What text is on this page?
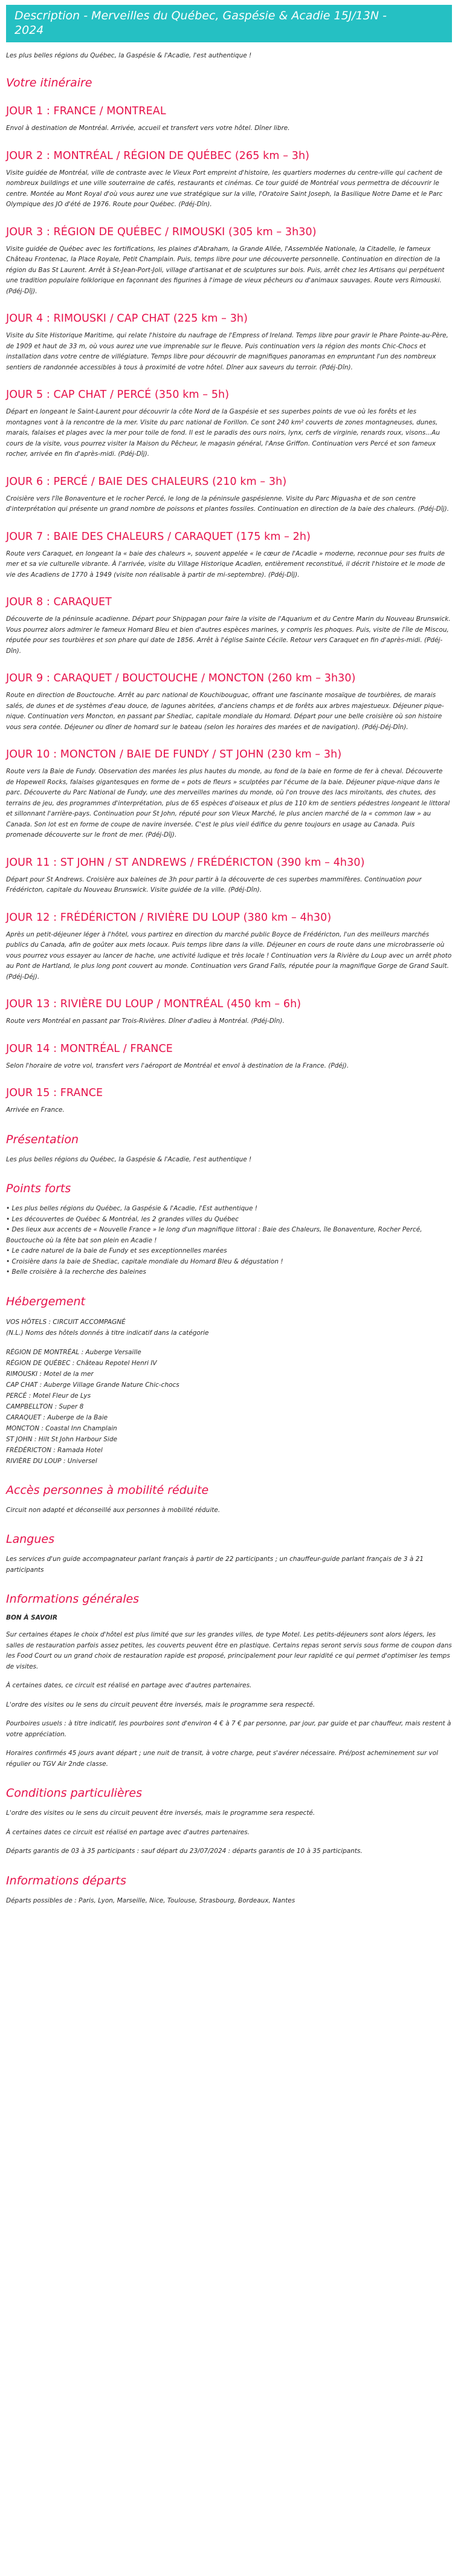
Description - Merveilles du Québec, Gaspésie & Acadie 15J/13N -
2024

Les plus belles régions du Québec, la Gaspésie & l'Acadie, l'est authentique !

Votre itinéraire
JOUR 1 : FRANCE / MONTREAL

Envol à destination de Montréal. Arrivée, accueil et transfert vers votre hôtel. Dîner libre.

JOUR 2 : MONTRÉAL / RÉGION DE QUÉBEC (265 km – 3h)

Visite guidée de Montréal, ville de contraste avec le Vieux Port empreint d'histoire, les quartiers modernes du centre-ville qui cachent de nombreux buildings et une ville souterraine de cafés, restaurants et cinémas. Ce tour guidé de Montréal vous permettra de découvrir le centre. Montée au Mont Royal d'où vous aurez une vue stratégique sur la ville, l'Oratoire Saint Joseph, la Basilique Notre Dame et le Parc Olympique des JO d'été de 1976. Route pour Québec. (Pdéj-Dîn).

JOUR 3 : RÉGION DE QUÉBEC / RIMOUSKI (305 km – 3h30)

Visite guidée de Québec avec les fortifications, les plaines d'Abraham, la Grande Allée, l'Assemblée Nationale, la Citadelle, le fameux Château Frontenac, la Place Royale, Petit Champlain. Puis, temps libre pour une découverte personnelle. Continuation en direction de la région du Bas St Laurent. Arrêt à St-Jean-Port-Joli, village d'artisanat et de sculptures sur bois. Puis, arrêt chez les Artisans qui perpétuent une tradition populaire folklorique en façonnant des figurines à l'image de vieux pêcheurs ou d'animaux sauvages. Route vers Rimouski. (Pdéj-Dîj).

JOUR 4 : RIMOUSKI / CAP CHAT (225 km – 3h)

Visite du Site Historique Maritime, qui relate l'histoire du naufrage de l'Empress of Ireland. Temps libre pour gravir le Phare Pointe-au-Père, de 1909 et haut de 33 m, où vous aurez une vue imprenable sur le fleuve. Puis continuation vers la région des monts Chic-Chocs et installation dans votre centre de villégiature. Temps libre pour découvrir de magnifiques panoramas en empruntant l'un des nombreux sentiers de randonnée accessibles à tous à proximité de votre hôtel. Dîner aux saveurs du terroir. (Pdéj-Dîn).

JOUR 5 : CAP CHAT / PERCÉ (350 km – 5h)

Départ en longeant le Saint-Laurent pour découvrir la côte Nord de la Gaspésie et ses superbes points de vue où les forêts et les montagnes vont à la rencontre de la mer. Visite du parc national de Forillon. Ce sont 240 km² couverts de zones montagneuses, dunes, marais, falaises et plages avec la mer pour toile de fond. Il est le paradis des ours noirs, lynx, cerfs de virginie, renards roux, visons...Au cours de la visite, vous pourrez visiter la Maison du Pêcheur, le magasin général, l'Anse Griffon. Continuation vers Percé et son fameux rocher, arrivée en fin d'après-midi. (Pdéj-Dîj).

JOUR 6 : PERCÉ / BAIE DES CHALEURS (210 km – 3h)

Croisière vers l'île Bonaventure et le rocher Percé, le long de la péninsule gaspésienne. Visite du Parc Miguasha et de son centre d'interprétation qui présente un grand nombre de poissons et plantes fossiles. Continuation en direction de la baie des chaleurs. (Pdéj-Dîj).

JOUR 7 : BAIE DES CHALEURS / CARAQUET (175 km – 2h)

Route vers Caraquet, en longeant la « baie des chaleurs », souvent appelée « le cœur de l'Acadie » moderne, reconnue pour ses fruits de mer et sa vie culturelle vibrante. À l'arrivée, visite du Village Historique Acadien, entièrement reconstitué, il décrit l'histoire et le mode de vie des Acadiens de 1770 à 1949 (visite non réalisable à partir de mi-septembre). (Pdéj-Dîj).

JOUR 8 : CARAQUET

Découverte de la péninsule acadienne. Départ pour Shippagan pour faire la visite de l'Aquarium et du Centre Marin du Nouveau Brunswick. Vous pourrez alors admirer le fameux Homard Bleu et bien d'autres espèces marines, y compris les phoques. Puis, visite de l'île de Miscou, réputée pour ses tourbières et son phare qui date de 1856. Arrêt à l'église Sainte Cécile. Retour vers Caraquet en fin d'après-midi. (Pdéj-Dîn).

JOUR 9 : CARAQUET / BOUCTOUCHE / MONCTON (260 km – 3h30)

Route en direction de Bouctouche. Arrêt au parc national de Kouchibouguac, offrant une fascinante mosaïque de tourbières, de marais salés, de dunes et de systèmes d'eau douce, de lagunes abritées, d'anciens champs et de forêts aux arbres majestueux. Déjeuner pique-nique. Continuation vers Moncton, en passant par Shediac, capitale mondiale du Homard. Départ pour une belle croisière où son histoire vous sera contée. Déjeuner ou dîner de homard sur le bateau (selon les horaires des marées et de navigation). (Pdéj-Déj-Dîn).

JOUR 10 : MONCTON / BAIE DE FUNDY / ST JOHN (230 km – 3h)

Route vers la Baie de Fundy. Observation des marées les plus hautes du monde, au fond de la baie en forme de fer à cheval. Découverte de Hopewell Rocks, falaises gigantesques en forme de « pots de fleurs » sculptées par l'écume de la baie. Déjeuner pique-nique dans le parc. Découverte du Parc National de Fundy, une des merveilles marines du monde, où l'on trouve des lacs miroitants, des chutes, des terrains de jeu, des programmes d'interprétation, plus de 65 espèces d'oiseaux et plus de 110 km de sentiers pédestres longeant le littoral et sillonnant l'arrière-pays. Continuation pour St John, réputé pour son Vieux Marché, le plus ancien marché de la « common law » au Canada. Son lot est en forme de coupe de navire inversée. C'est le plus vieil édifice du genre toujours en usage au Canada. Puis promenade découverte sur le front de mer. (Pdéj-Dîj).

JOUR 11 : ST JOHN / ST ANDREWS / FRÉDÉRICTON (390 km – 4h30)

Départ pour St Andrews. Croisière aux baleines de 3h pour partir à la découverte de ces superbes mammifères. Continuation pour Frédéricton, capitale du Nouveau Brunswick. Visite guidée de la ville. (Pdéj-Dîn).

JOUR 12 : FRÉDÉRICTON / RIVIÈRE DU LOUP (380 km – 4h30)

Après un petit-déjeuner léger à l'hôtel, vous partirez en direction du marché public Boyce de Frédéricton, l'un des meilleurs marchés publics du Canada, afin de goûter aux mets locaux. Puis temps libre dans la ville. Déjeuner en cours de route dans une microbrasserie où vous pourrez vous essayer au lancer de hache, une activité ludique et très locale ! Continuation vers la Rivière du Loup avec un arrêt photo au Pont de Hartland, le plus long pont couvert au monde. Continuation vers Grand Falls, réputée pour la magnifique Gorge de Grand Sault. (Pdéj-Déj).

JOUR 13 : RIVIÈRE DU LOUP / MONTRÉAL (450 km – 6h)

Route vers Montréal en passant par Trois-Rivières. Dîner d'adieu à Montréal. (Pdéj-Dîn).

JOUR 14 : MONTRÉAL / FRANCE

Selon l'horaire de votre vol, transfert vers l'aéroport de Montréal et envol à destination de la France. (Pdéj).

JOUR 15 : FRANCE

Arrivée en France.

Présentation

Les plus belles régions du Québec, la Gaspésie & l'Acadie, l'est authentique !

Points forts
• Les plus belles régions du Québec, la Gaspésie & l'Acadie, l'Est authentique !
• Les découvertes de Québec & Montréal, les 2 grandes villes du Québec
• Des lieux aux accents de « Nouvelle France » le long d'un magnifique littoral : Baie des Chaleurs, île Bonaventure, Rocher Percé, Bouctouche où la fête bat son plein en Acadie !
• Le cadre naturel de la baie de Fundy et ses exceptionnelles marées
• Croisière dans la baie de Shediac, capitale mondiale du Homard Bleu & dégustation !
• Belle croisière à la recherche des baleines
Hébergement

VOS HÔTELS : CIRCUIT ACCOMPAGNÉ

(N.L.) Noms des hôtels donnés à titre indicatif dans la catégorie

RÉGION DE MONTRÉAL : Auberge Versaille

RÉGION DE QUÉBEC : Château Repotel Henri IV

RIMOUSKI : Motel de la mer

CAP CHAT : Auberge Village Grande Nature Chic-chocs

PERCÉ : Motel Fleur de Lys

CAMPBELLTON : Super 8

CARAQUET : Auberge de la Baie

MONCTON : Coastal Inn Champlain

ST JOHN : Hilt St John Harbour Side

FRÉDÉRICTON : Ramada Hotel

RIVIÈRE DU LOUP : Universel

Accès personnes à mobilité réduite

Circuit non adapté et déconseillé aux personnes à mobilité réduite.

Langues

Les services d'un guide accompagnateur parlant français à partir de 22 participants ; un chauffeur-guide parlant français de 3 à 21 participants

Informations générales
BON À SAVOIR

Sur certaines étapes le choix d'hôtel est plus limité que sur les grandes villes, de type Motel. Les petits-déjeuners sont alors légers, les salles de restauration parfois assez petites, les couverts peuvent être en plastique. Certains repas seront servis sous forme de coupon dans les Food Court ou un grand choix de restauration rapide est proposé, principalement pour leur rapidité ce qui permet d'optimiser les temps de visites.

À certaines dates, ce circuit est réalisé en partage avec d'autres partenaires.

L'ordre des visites ou le sens du circuit peuvent être inversés, mais le programme sera respecté.

Pourboires usuels : à titre indicatif, les pourboires sont d'environ 4 € à 7 € par personne, par jour, par guide et par chauffeur, mais restent à votre appréciation.

Horaires confirmés 45 jours avant départ ; une nuit de transit, à votre charge, peut s'avérer nécessaire. Pré/post acheminement sur vol régulier ou TGV Air 2nde classe.

Conditions particulières

L'ordre des visites ou le sens du circuit peuvent être inversés, mais le programme sera respecté.

À certaines dates ce circuit est réalisé en partage avec d'autres partenaires.

Départs garantis de 03 à 35 participants : sauf départ du 23/07/2024 : départs garantis de 10 à 35 participants.

Informations départs

Départs possibles de : Paris, Lyon, Marseille, Nice, Toulouse, Strasbourg, Bordeaux, Nantes
